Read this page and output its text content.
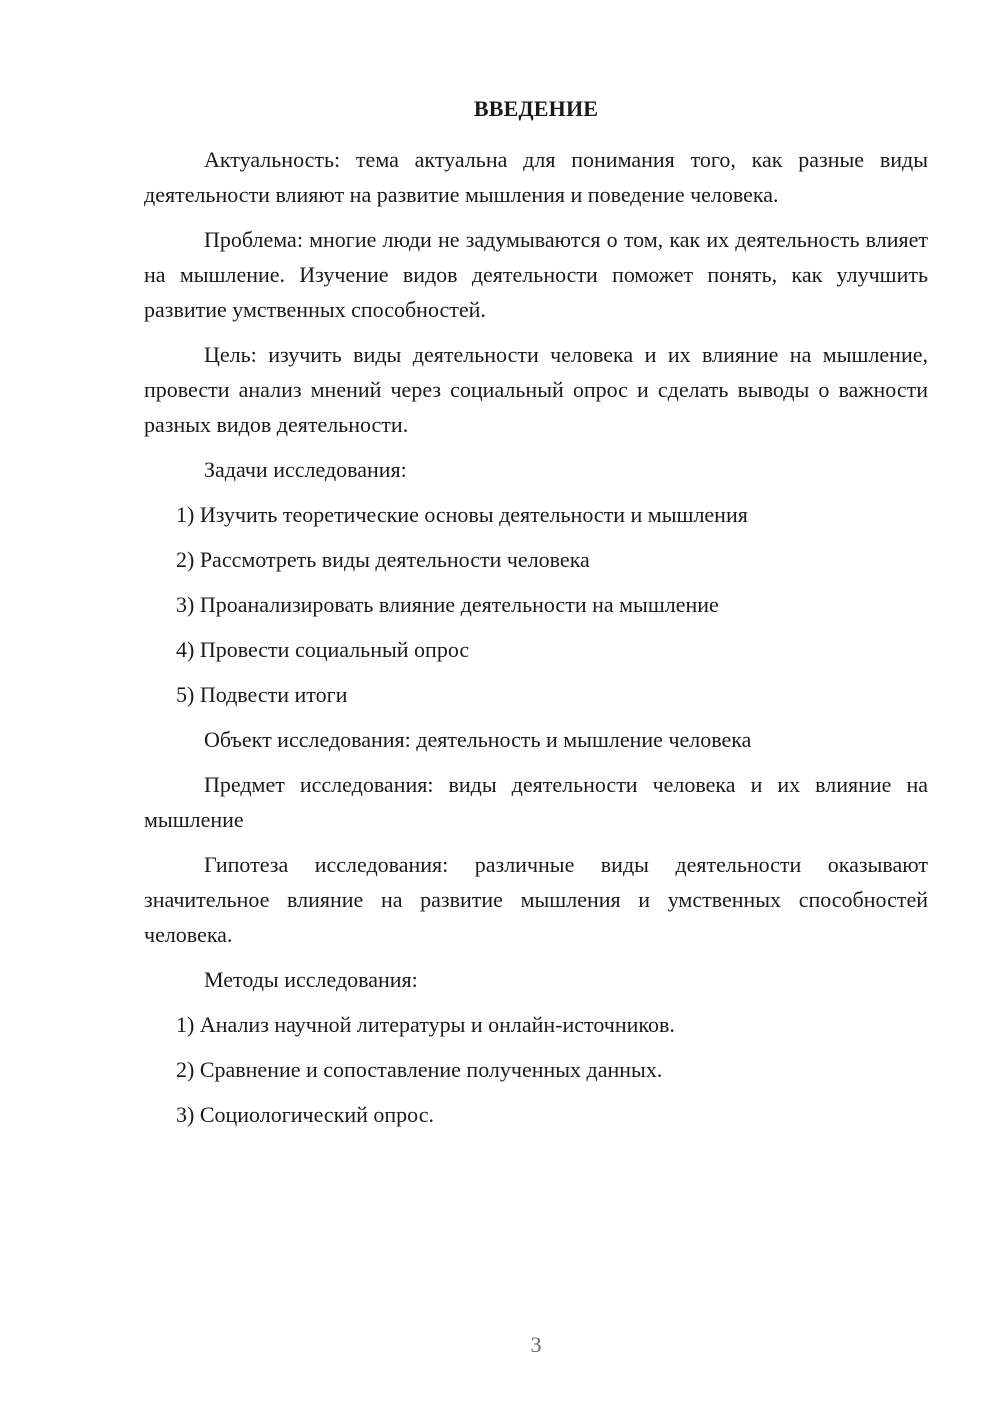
ВВЕДЕНИЕ

Актуальность: тема актуальна для понимания того, как разные виды деятельности влияют на развитие мышления и поведение человека.

Проблема: многие люди не задумываются о том, как их деятельность влияет на мышление. Изучение видов деятельности поможет понять, как улучшить развитие умственных способностей.

Цель: изучить виды деятельности человека и их влияние на мышление, провести анализ мнений через социальный опрос и сделать выводы о важности разных видов деятельности.

Задачи исследования:

1) Изучить теоретические основы деятельности и мышления

2) Рассмотреть виды деятельности человека

3) Проанализировать влияние деятельности на мышление

4) Провести социальный опрос

5) Подвести итоги

Объект исследования: деятельность и мышление человека

Предмет исследования: виды деятельности человека и их влияние на мышление

Гипотеза исследования: различные виды деятельности оказывают значительное влияние на развитие мышления и умственных способностей человека.

Методы исследования:

1) Анализ научной литературы и онлайн-источников.

2) Сравнение и сопоставление полученных данных.

3) Социологический опрос.

3
